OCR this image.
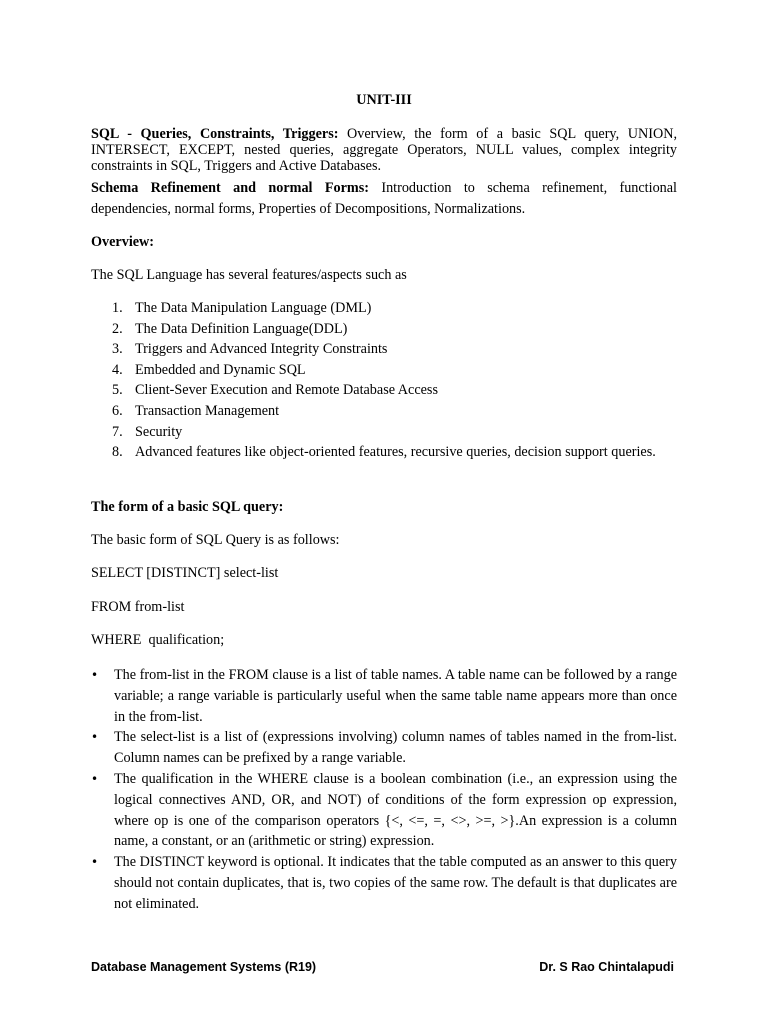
UNIT-III
SQL - Queries, Constraints, Triggers: Overview, the form of a basic SQL query, UNION, INTERSECT, EXCEPT, nested queries, aggregate Operators, NULL values, complex integrity constraints in SQL, Triggers and Active Databases.
Schema Refinement and normal Forms: Introduction to schema refinement, functional dependencies, normal forms, Properties of Decompositions, Normalizations.
Overview:
The SQL Language has several features/aspects such as
The Data Manipulation Language (DML)
The Data Definition Language(DDL)
Triggers and Advanced Integrity Constraints
Embedded and Dynamic SQL
Client-Sever Execution and Remote Database Access
Transaction Management
Security
Advanced features like object-oriented features, recursive queries, decision support queries.
The form of a basic SQL query:
The basic form of SQL Query is as follows:
SELECT [DISTINCT] select-list
FROM from-list
WHERE  qualification;
• The from-list in the FROM clause is a list of table names. A table name can be followed by a range variable; a range variable is particularly useful when the same table name appears more than once in the from-list.
• The select-list is a list of (expressions involving) column names of tables named in the from-list. Column names can be prefixed by a range variable.
• The qualification in the WHERE clause is a boolean combination (i.e., an expression using the logical connectives AND, OR, and NOT) of conditions of the form expression op expression, where op is one of the comparison operators {<, <=, =, <>, >=, >}.An expression is a column name, a constant, or an (arithmetic or string) expression.
• The DISTINCT keyword is optional. It indicates that the table computed as an answer to this query should not contain duplicates, that is, two copies of the same row. The default is that duplicates are not eliminated.
Database Management Systems (R19)	Dr. S Rao Chintalapudi
